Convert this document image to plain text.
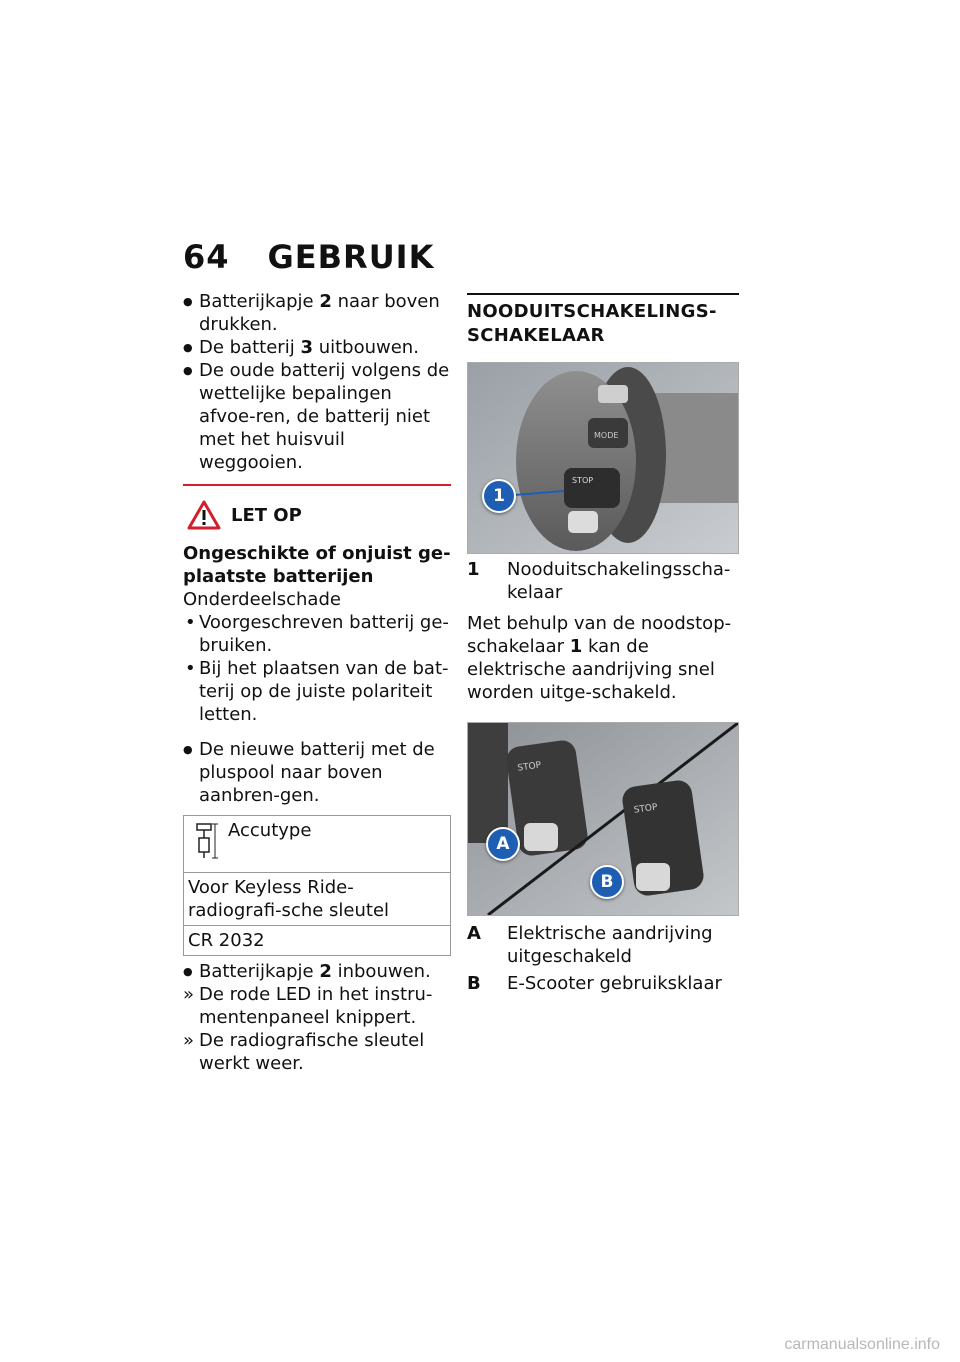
64 GEBRUIK

● Batterijkapje 2 naar boven drukken.

● De batterij 3 uitbouwen.

● De oude batterij volgens de wettelijke bepalingen afvoe-ren, de batterij niet met het huisvuil weggooien.

LET OP
Ongeschikte of onjuist ge-plaatste batterijen
Onderdeelschade

• Voorgeschreven batterij ge-bruiken.

• Bij het plaatsen van de bat-terij op de juiste polariteit letten.

● De nieuwe batterij met de pluspool naar boven aanbren-gen.

Accutype
Voor Keyless Ride-radiografi-sche sleutel
CR 2032

● Batterijkapje 2 inbouwen.

» De rode LED in het instru-mentenpaneel knippert.

» De radiografische sleutel werkt weer.

NOODUITSCHAKELINGS-
SCHAKELAAR
MODE
STOP
1
1	Nooduitschakelingsscha-kelaar

Met behulp van de noodstop-schakelaar 1 kan de elektrische aandrijving snel worden uitge-schakeld.

STOP
STOP
A
B
A	Elektrische aandrijving uitgeschakeld
B	E-Scooter gebruiksklaar
carmanualsonline.info
